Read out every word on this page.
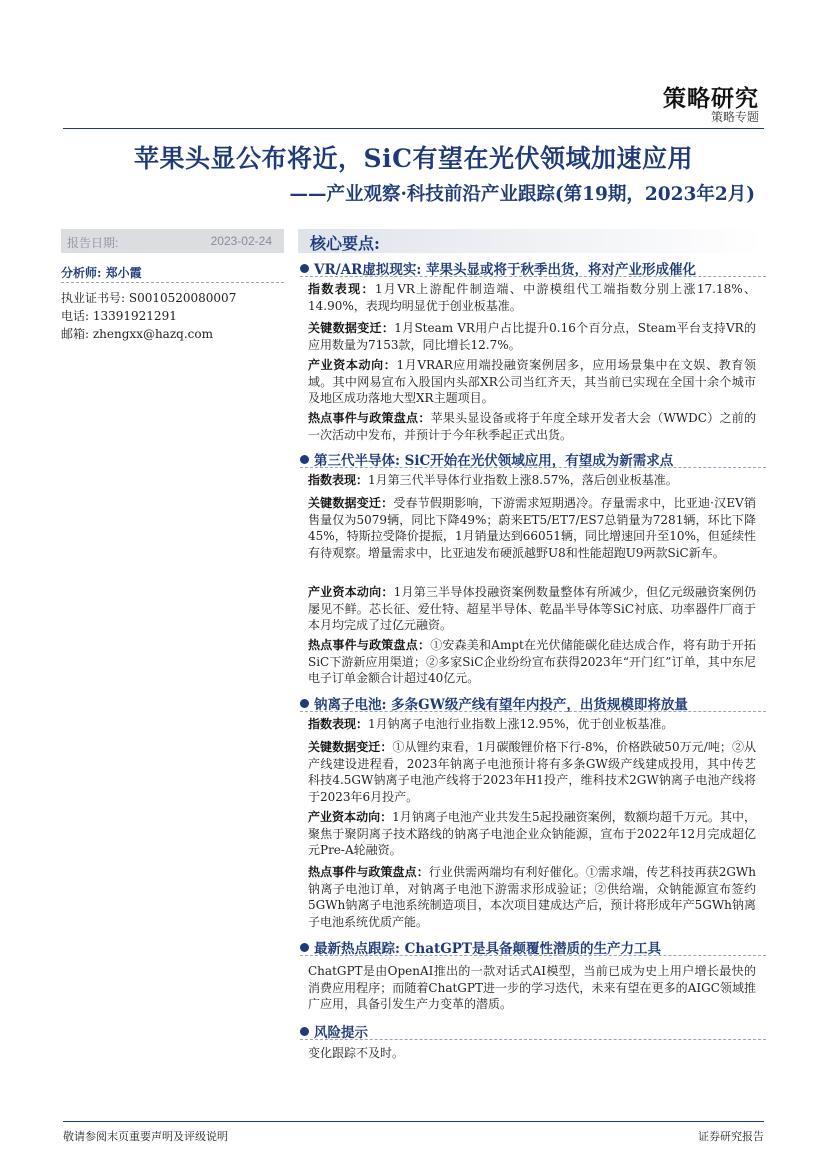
策略研究
策略专题
苹果头显公布将近，SiC有望在光伏领域加速应用
——产业观察·科技前沿产业跟踪(第19期，2023年2月)
报告日期:	2023-02-24
分析师: 郑小霞
执业证书号: S0010520080007
电话: 13391921291
邮箱: zhengxx@hazq.com
核心要点:
VR/AR虚拟现实: 苹果头显或将于秋季出货，将对产业形成催化
指数表现：1月VR上游配件制造端、中游模组代工端指数分别上涨17.18%、14.90%，表现均明显优于创业板基准。
关键数据变迁：1月Steam VR用户占比提升0.16个百分点，Steam平台支持VR的应用数量为7153款，同比增长12.7%。
产业资本动向：1月VRAR应用端投融资案例居多，应用场景集中在文娱、教育领域。其中网易宣布入股国内头部XR公司当红齐天，其当前已实现在全国十余个城市及地区成功落地大型XR主题项目。
热点事件与政策盘点：苹果头显设备或将于年度全球开发者大会（WWDC）之前的一次活动中发布，并预计于今年秋季起正式出货。
第三代半导体: SiC开始在光伏领域应用，有望成为新需求点
指数表现：1月第三代半导体行业指数上涨8.57%，落后创业板基准。
关键数据变迁：受春节假期影响，下游需求短期遇冷。存量需求中，比亚迪·汉EV销售量仅为5079辆，同比下降49%；蔚来ET5/ET7/ES7总销量为7281辆，环比下降45%，特斯拉受降价提振，1月销量达到66051辆，同比增速回升至10%，但延续性有待观察。增量需求中，比亚迪发布硬派越野U8和性能超跑U9两款SiC新车。
产业资本动向：1月第三半导体投融资案例数量整体有所减少，但亿元级融资案例仍屡见不鲜。芯长征、爱仕特、超星半导体、乾晶半导体等SiC衬底、功率器件厂商于本月均完成了过亿元融资。
热点事件与政策盘点：①安森美和Ampt在光伏储能碳化硅达成合作，将有助于开拓SiC下游新应用渠道；②多家SiC企业纷纷宣布获得2023年“开门红”订单，其中东尼电子订单金额合计超过40亿元。
钠离子电池: 多条GW级产线有望年内投产，出货规模即将放量
指数表现：1月钠离子电池行业指数上涨12.95%，优于创业板基准。
关键数据变迁：①从锂约束看，1月碳酸锂价格下行-8%，价格跌破50万元/吨；②从产线建设进程看，2023年钠离子电池预计将有多条GW级产线建成投用，其中传艺科技4.5GW钠离子电池产线将于2023年H1投产，维科技术2GW钠离子电池产线将于2023年6月投产。
产业资本动向：1月钠离子电池产业共发生5起投融资案例，数额均超千万元。其中，聚焦于聚阴离子技术路线的钠离子电池企业众钠能源，宣布于2022年12月完成超亿元Pre-A轮融资。
热点事件与政策盘点：行业供需两端均有利好催化。①需求端，传艺科技再获2GWh钠离子电池订单，对钠离子电池下游需求形成验证；②供给端，众钠能源宣布签约5GWh钠离子电池系统制造项目，本次项目建成达产后，预计将形成年产5GWh钠离子电池系统优质产能。
最新热点跟踪: ChatGPT是具备颠覆性潜质的生产力工具
ChatGPT是由OpenAI推出的一款对话式AI模型，当前已成为史上用户增长最快的消费应用程序；而随着ChatGPT进一步的学习迭代，未来有望在更多的AIGC领域推广应用，具备引发生产力变革的潜质。
风险提示
变化跟踪不及时。
敬请参阅末页重要声明及评级说明	证券研究报告
